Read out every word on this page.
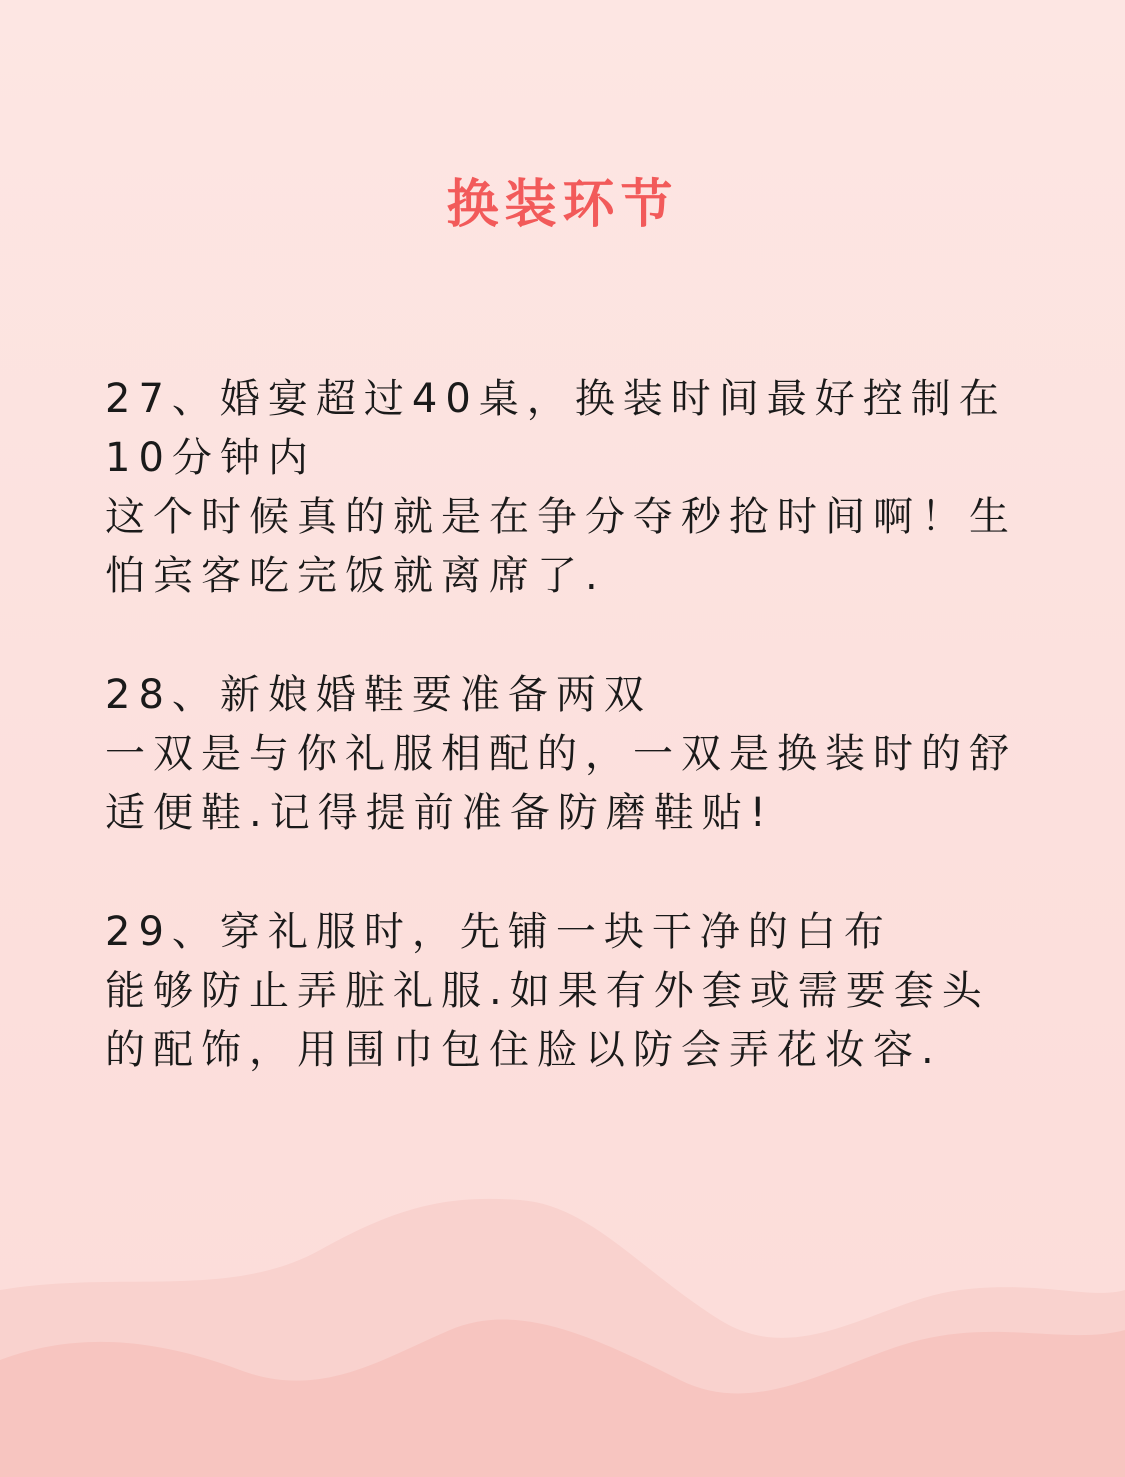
换装环节

27、婚宴超过40桌，换装时间最好控制在10分钟内

这个时候真的就是在争分夺秒抢时间啊！生怕宾客吃完饭就离席了.

28、新娘婚鞋要准备两双

一双是与你礼服相配的，一双是换装时的舒适便鞋.记得提前准备防磨鞋贴!

29、穿礼服时，先铺一块干净的白布

能够防止弄脏礼服.如果有外套或需要套头的配饰，用围巾包住脸以防会弄花妆容.
